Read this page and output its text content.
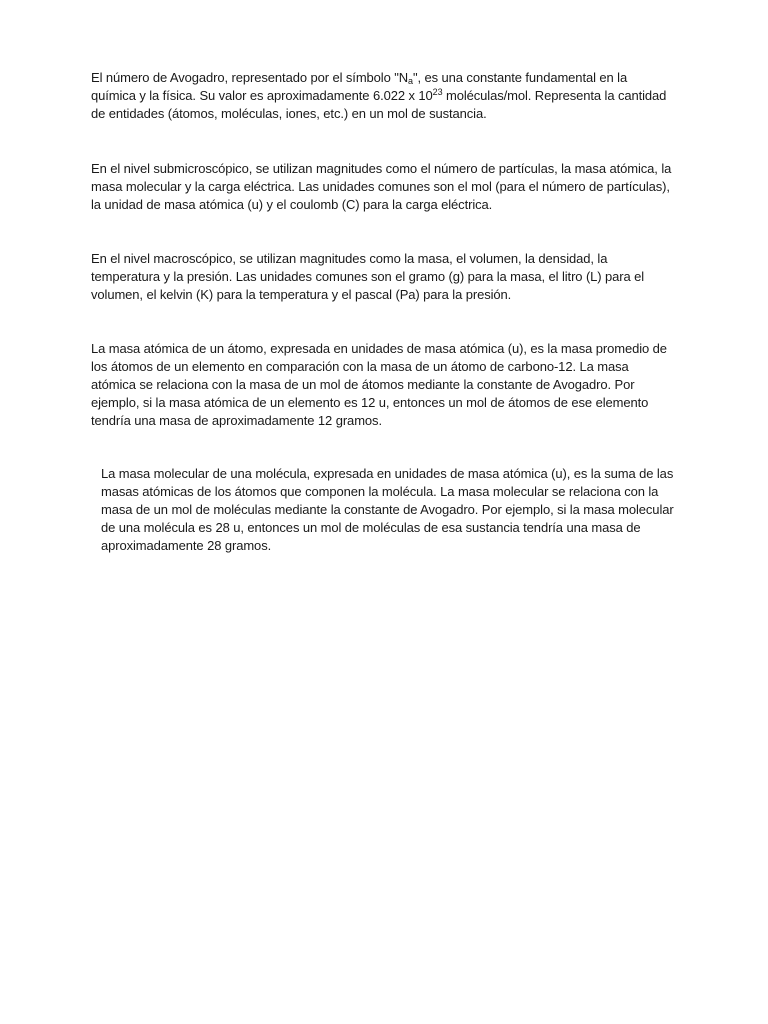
El número de Avogadro, representado por el símbolo "$N_a$", es una constante fundamental en la química y la física. Su valor es aproximadamente 6.022 x $10^{23}$ moléculas/mol. Representa la cantidad de entidades (átomos, moléculas, iones, etc.) en un mol de sustancia.

En el nivel submicroscópico, se utilizan magnitudes como el número de partículas, la masa atómica, la masa molecular y la carga eléctrica. Las unidades comunes son el mol (para el número de partículas), la unidad de masa atómica (u) y el coulomb (C) para la carga eléctrica.

En el nivel macroscópico, se utilizan magnitudes como la masa, el volumen, la densidad, la temperatura y la presión. Las unidades comunes son el gramo (g) para la masa, el litro (L) para el volumen, el kelvin (K) para la temperatura y el pascal (Pa) para la presión.

La masa atómica de un átomo, expresada en unidades de masa atómica (u), es la masa promedio de los átomos de un elemento en comparación con la masa de un átomo de carbono-12. La masa atómica se relaciona con la masa de un mol de átomos mediante la constante de Avogadro. Por ejemplo, si la masa atómica de un elemento es 12 u, entonces un mol de átomos de ese elemento tendría una masa de aproximadamente 12 gramos.

La masa molecular de una molécula, expresada en unidades de masa atómica (u), es la suma de las masas atómicas de los átomos que componen la molécula. La masa molecular se relaciona con la masa de un mol de moléculas mediante la constante de Avogadro. Por ejemplo, si la masa molecular de una molécula es 28 u, entonces un mol de moléculas de esa sustancia tendría una masa de aproximadamente 28 gramos.
